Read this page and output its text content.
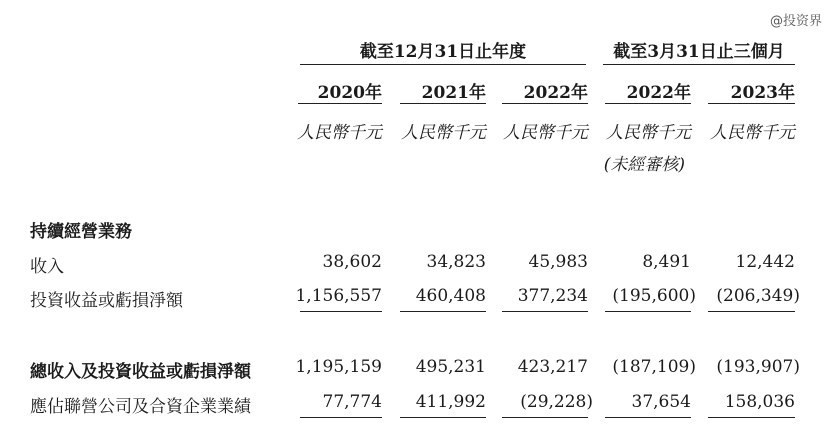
@投资界
截至12月31日止年度	截至3月31日止三個月
2020年	2021年	2022年	2022年	2023年
人民幣千元	人民幣千元	人民幣千元	人民幣千元	人民幣千元
(未經審核)
持續經營業務
收入	38,602	34,823	45,983	8,491	12,442
投資收益或虧損淨額	1,156,557	460,408	377,234	(195,600)	(206,349)
總收入及投資收益或虧損淨額	1,195,159	495,231	423,217	(187,109)	(193,907)
應佔聯營公司及合資企業業績	77,774	411,992	(29,228)	37,654	158,036
